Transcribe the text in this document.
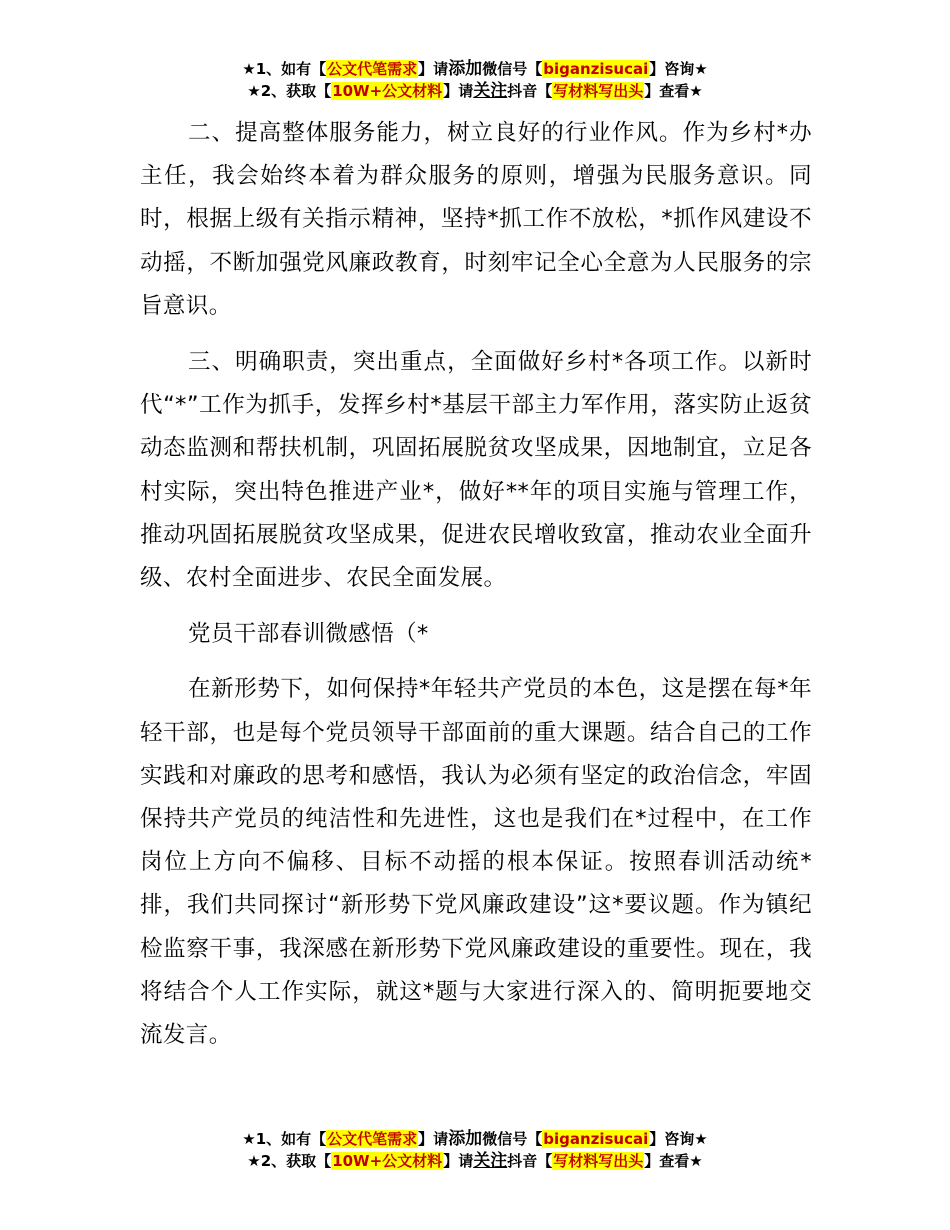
★1、如有【公文代笔需求】请添加微信号【biganzisucai】咨询★
★2、获取【10W+公文材料】请关注抖音【写材料写出头】查看★

二、提高整体服务能力，树立良好的行业作风。作为乡村*办主任，我会始终本着为群众服务的原则，增强为民服务意识。同时，根据上级有关指示精神，坚持*抓工作不放松，*抓作风建设不动摇，不断加强党风廉政教育，时刻牢记全心全意为人民服务的宗旨意识。

三、明确职责，突出重点，全面做好乡村*各项工作。以新时代“*”工作为抓手，发挥乡村*基层干部主力军作用，落实防止返贫动态监测和帮扶机制，巩固拓展脱贫攻坚成果，因地制宜，立足各村实际，突出特色推进产业*，做好**年的项目实施与管理工作，推动巩固拓展脱贫攻坚成果，促进农民增收致富，推动农业全面升级、农村全面进步、农民全面发展。

党员干部春训微感悟（*

在新形势下，如何保持*年轻共产党员的本色，这是摆在每*年轻干部，也是每个党员领导干部面前的重大课题。结合自己的工作实践和对廉政的思考和感悟，我认为必须有坚定的政治信念，牢固保持共产党员的纯洁性和先进性，这也是我们在*过程中，在工作岗位上方向不偏移、目标不动摇的根本保证。按照春训活动统*排，我们共同探讨“新形势下党风廉政建设”这*要议题。作为镇纪检监察干事，我深感在新形势下党风廉政建设的重要性。现在，我将结合个人工作实际，就这*题与大家进行深入的、简明扼要地交流发言。

★1、如有【公文代笔需求】请添加微信号【biganzisucai】咨询★
★2、获取【10W+公文材料】请关注抖音【写材料写出头】查看★
